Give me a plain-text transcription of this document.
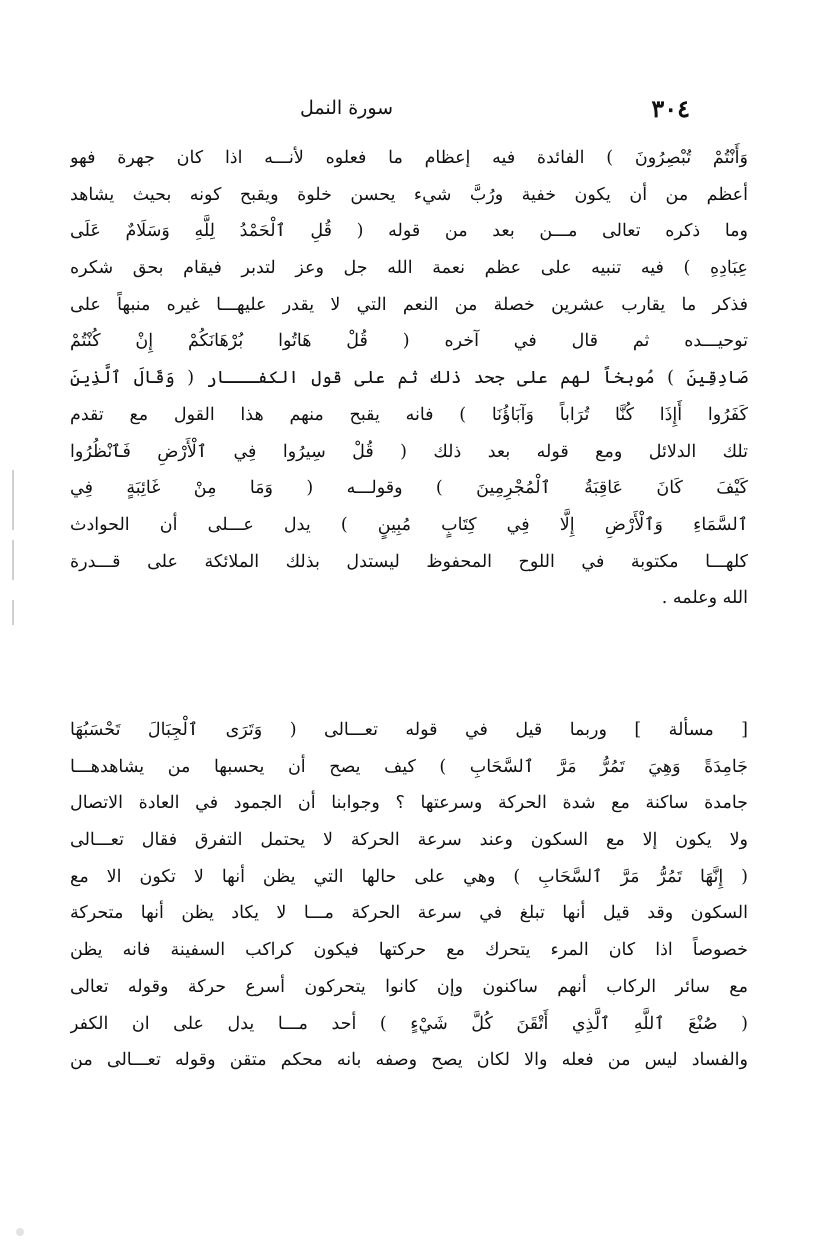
٣٠٤
سورة النمل
وَأَنْتُمْ تُبْصِرُونَ ) الفائدة فيه إعظام ما فعلوه لأنـــه اذا كان جهرة فهو
أعظم من أن يكون خفية ورُبَّ شيء يحسن خلوة ويقبح كونه بحيث يشاهد
وما ذكره تعالى مـــن بعد من قوله ( قُلِ ٱلْحَمْدُ لِلَّهِ وَسَلَامٌ عَلَى
عِبَادِهِ ) فيه تنبيه على عظم نعمة الله جل وعز لتدبر فيقام بحق شكره
فذكر ما يقارب عشرين خصلة من النعم التي لا يقدر عليهـــا غيره منبهاً على
توحيـــده ثم قال في آخره ( قُلْ هَاتُوا بُرْهَانَكُمْ إِنْ كُنْتُمْ
صَادِقِينَ ) مُوبخاً لهم على جحد ذلك ثم على قول الكفـــار ( وَقَالَ ٱلَّذِينَ
كَفَرُوا أَإِذَا كُنَّا تُرَاباً وَآبَاؤُنَا ) فانه يقبح منهم هذا القول مع تقدم
تلك الدلائل ومع قوله بعد ذلك ( قُلْ سِيرُوا فِي ٱلْأَرْضِ فَٱنْظُرُوا
كَيْفَ كَانَ عَاقِبَةُ ٱلْمُجْرِمِينَ ) وقولـــه ( وَمَا مِنْ غَائِبَةٍ فِي
ٱلسَّمَاءِ وَٱلْأَرْضِ إِلَّا فِي كِتَابٍ مُبِينٍ ) يدل عـــلى أن الحوادث
كلهـــا مكتوبة في اللوح المحفوظ ليستدل بذلك الملائكة على قـــدرة
الله وعلمه .
[ مسألة ] وربما قيل في قوله تعـــالى ( وَتَرَى ٱلْجِبَالَ تَحْسَبُهَا
جَامِدَةً وَهِيَ تَمُرُّ مَرَّ ٱلسَّحَابِ ) كيف يصح أن يحسبها من يشاهدهـــا
جامدة ساكنة مع شدة الحركة وسرعتها ؟ وجوابنا أن الجمود في العادة الاتصال
ولا يكون إلا مع السكون وعند سرعة الحركة لا يحتمل التفرق فقال تعـــالى
( إِنَّهَا تَمُرُّ مَرَّ ٱلسَّحَابِ ) وهي على حالها التي يظن أنها لا تكون الا مع
السكون وقد قيل أنها تبلغ في سرعة الحركة مـــا لا يكاد يظن أنها متحركة
خصوصاً اذا كان المرء يتحرك مع حركتها فيكون كراكب السفينة فانه يظن
مع سائر الركاب أنهم ساكنون وإن كانوا يتحركون أسرع حركة وقوله تعالى
( صُنْعَ ٱللَّهِ ٱلَّذِي أَتْقَنَ كُلَّ شَيْءٍ ) أحد مـــا يدل على ان الكفر
والفساد ليس من فعله والا لكان يصح وصفه بانه محكم متقن وقوله تعـــالى من
